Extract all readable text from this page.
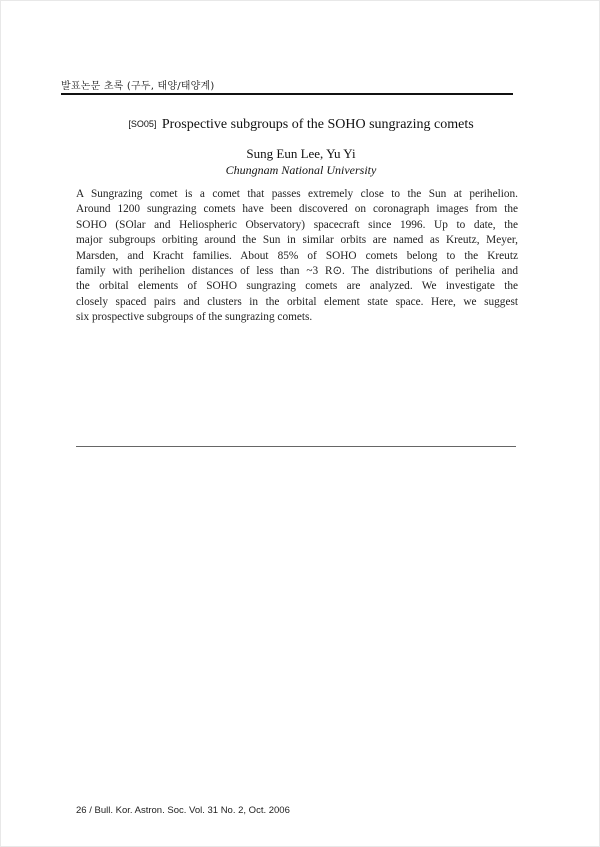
발표논문 초록 (구두, 태양/태양계)
[SO05] Prospective subgroups of the SOHO sungrazing comets
Sung Eun Lee, Yu Yi
Chungnam National University
A Sungrazing comet is a comet that passes extremely close to the Sun at perihelion.
Around 1200 sungrazing comets have been discovered on coronagraph images from the
SOHO (SOlar and Heliospheric Observatory) spacecraft since 1996. Up to date, the
major subgroups orbiting around the Sun in similar orbits are named as Kreutz, Meyer,
Marsden, and Kracht families. About 85% of SOHO comets belong to the Kreutz
family with perihelion distances of less than ~3 R⊙. The distributions of perihelia and
the orbital elements of SOHO sungrazing comets are analyzed. We investigate the
closely spaced pairs and clusters in the orbital element state space. Here, we suggest
six prospective subgroups of the sungrazing comets.
26 / Bull. Kor. Astron. Soc. Vol. 31 No. 2, Oct. 2006
